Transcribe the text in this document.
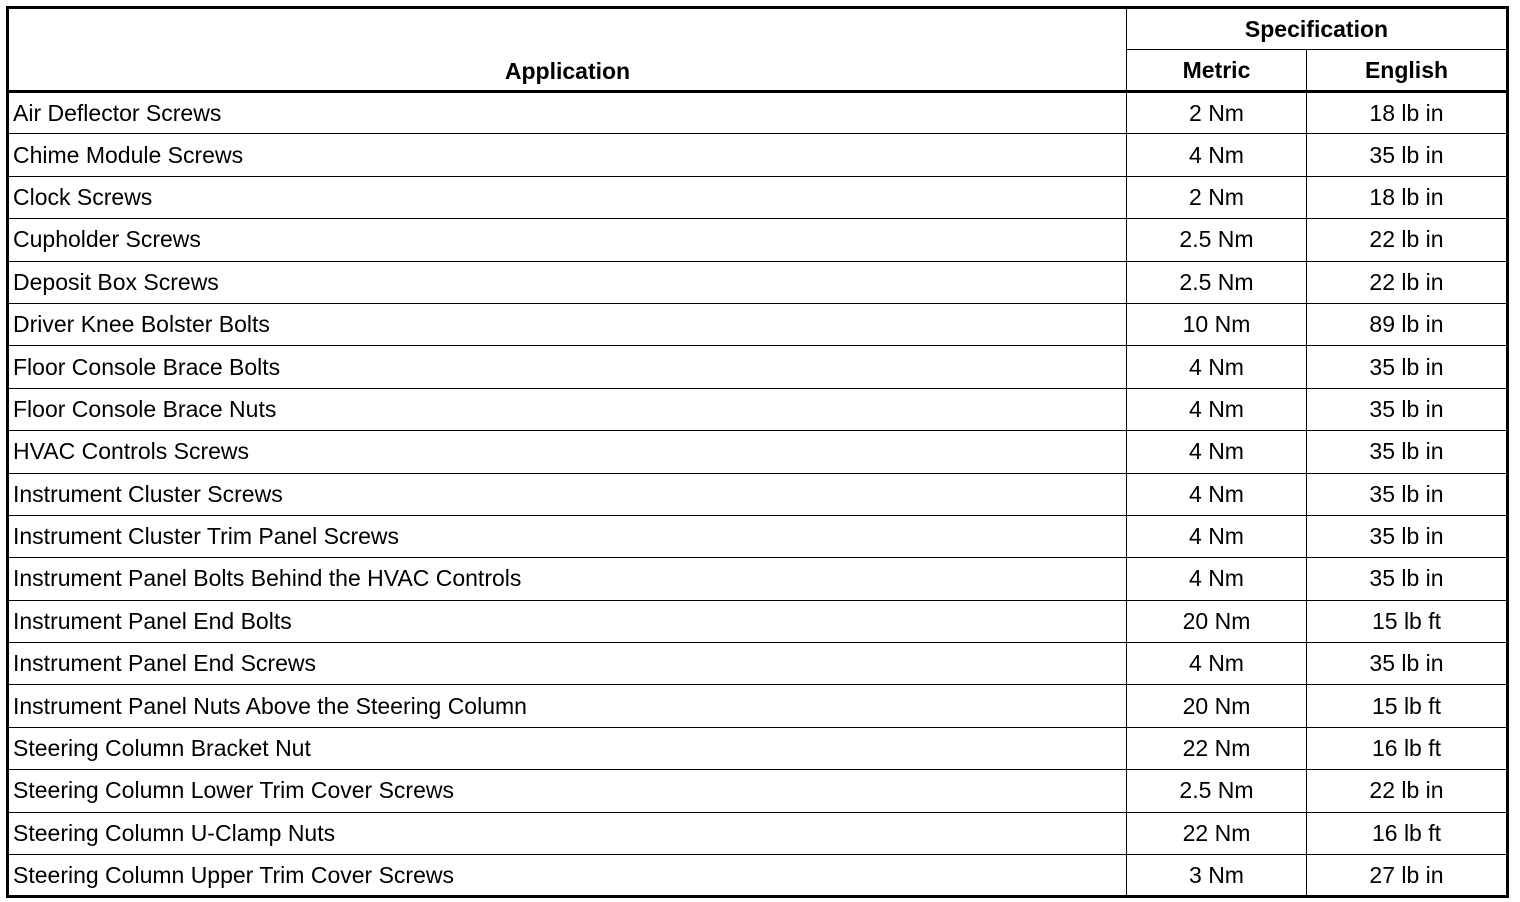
Application	Specification	
	Metric	English
Air Deflector Screws	2 Nm	18 lb in
Chime Module Screws	4 Nm	35 lb in
Clock Screws	2 Nm	18 lb in
Cupholder Screws	2.5 Nm	22 lb in
Deposit Box Screws	2.5 Nm	22 lb in
Driver Knee Bolster Bolts	10 Nm	89 lb in
Floor Console Brace Bolts	4 Nm	35 lb in
Floor Console Brace Nuts	4 Nm	35 lb in
HVAC Controls Screws	4 Nm	35 lb in
Instrument Cluster Screws	4 Nm	35 lb in
Instrument Cluster Trim Panel Screws	4 Nm	35 lb in
Instrument Panel Bolts Behind the HVAC Controls	4 Nm	35 lb in
Instrument Panel End Bolts	20 Nm	15 lb ft
Instrument Panel End Screws	4 Nm	35 lb in
Instrument Panel Nuts Above the Steering Column	20 Nm	15 lb ft
Steering Column Bracket Nut	22 Nm	16 lb ft
Steering Column Lower Trim Cover Screws	2.5 Nm	22 lb in
Steering Column U-Clamp Nuts	22 Nm	16 lb ft
Steering Column Upper Trim Cover Screws	3 Nm	27 lb in
